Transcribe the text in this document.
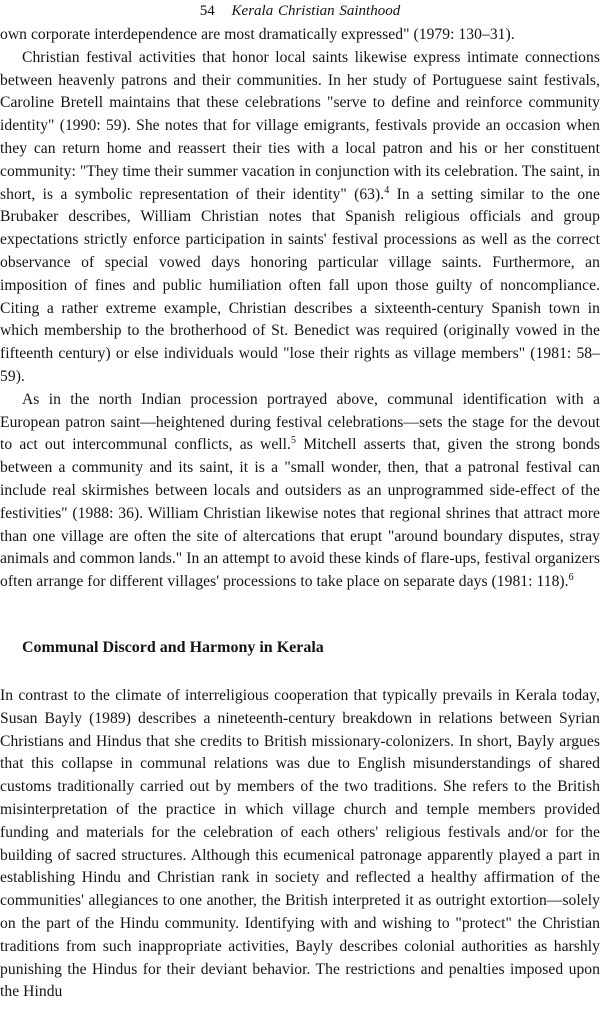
54 Kerala Christian Sainthood

own corporate interdependence are most dramatically expressed" (1979: 130–31).

Christian festival activities that honor local saints likewise express intimate connections between heavenly patrons and their communities. In her study of Portuguese saint festivals, Caroline Bretell maintains that these celebrations "serve to define and reinforce community identity" (1990: 59). She notes that for village emigrants, festivals provide an occasion when they can return home and reassert their ties with a local patron and his or her constituent community: "They time their summer vacation in conjunction with its celebration. The saint, in short, is a symbolic representation of their identity" (63).$^4$ In a setting similar to the one Brubaker describes, William Christian notes that Spanish religious officials and group expectations strictly enforce participation in saints' festival processions as well as the correct observance of special vowed days honoring particular village saints. Furthermore, an imposition of fines and public humiliation often fall upon those guilty of noncompliance. Citing a rather extreme example, Christian describes a sixteenth-century Spanish town in which membership to the brotherhood of St. Benedict was required (originally vowed in the fifteenth century) or else individuals would "lose their rights as village members" (1981: 58–59).

As in the north Indian procession portrayed above, communal identification with a European patron saint—heightened during festival celebrations—sets the stage for the devout to act out intercommunal conflicts, as well.$^5$ Mitchell asserts that, given the strong bonds between a community and its saint, it is a "small wonder, then, that a patronal festival can include real skirmishes between locals and outsiders as an unprogrammed side-effect of the festivities" (1988: 36). William Christian likewise notes that regional shrines that attract more than one village are often the site of altercations that erupt "around boundary disputes, stray animals and common lands." In an attempt to avoid these kinds of flare-ups, festival organizers often arrange for different villages' processions to take place on separate days (1981: 118).$^6$

Communal Discord and Harmony in Kerala

In contrast to the climate of interreligious cooperation that typically prevails in Kerala today, Susan Bayly (1989) describes a nineteenth-century breakdown in relations between Syrian Christians and Hindus that she credits to British missionary-colonizers. In short, Bayly argues that this collapse in communal relations was due to English misunderstandings of shared customs traditionally carried out by members of the two traditions. She refers to the British misinterpretation of the practice in which village church and temple members provided funding and materials for the celebration of each others' religious festivals and/or for the building of sacred structures. Although this ecumenical patronage apparently played a part in establishing Hindu and Christian rank in society and reflected a healthy affirmation of the communities' allegiances to one another, the British interpreted it as outright extortion—solely on the part of the Hindu community. Identifying with and wishing to "protect" the Christian traditions from such inappropriate activities, Bayly describes colonial authorities as harshly punishing the Hindus for their deviant behavior. The restrictions and penalties imposed upon the Hindu
